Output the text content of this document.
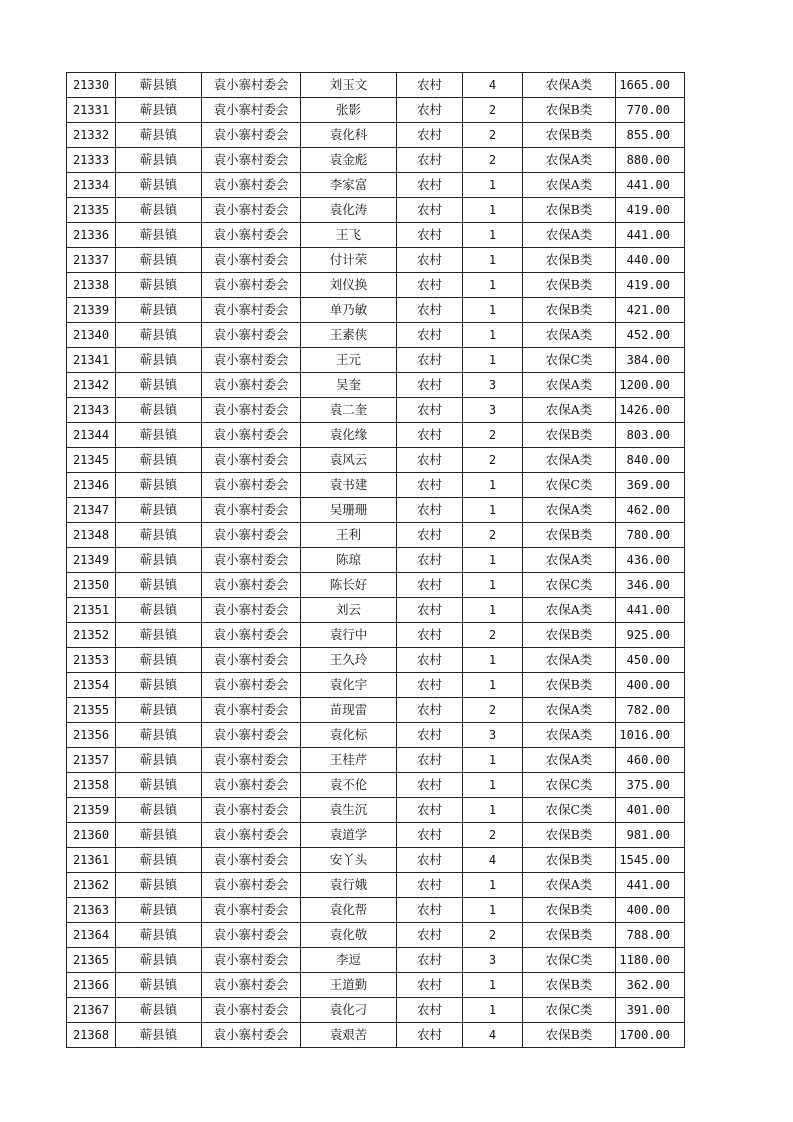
21330	蕲县镇	袁小寨村委会	刘玉文	农村	4	农保A类	1665.00
21331	蕲县镇	袁小寨村委会	张影	农村	2	农保B类	770.00
21332	蕲县镇	袁小寨村委会	袁化科	农村	2	农保B类	855.00
21333	蕲县镇	袁小寨村委会	袁金彪	农村	2	农保A类	880.00
21334	蕲县镇	袁小寨村委会	李家富	农村	1	农保A类	441.00
21335	蕲县镇	袁小寨村委会	袁化涛	农村	1	农保B类	419.00
21336	蕲县镇	袁小寨村委会	王飞	农村	1	农保A类	441.00
21337	蕲县镇	袁小寨村委会	付计荣	农村	1	农保B类	440.00
21338	蕲县镇	袁小寨村委会	刘仪换	农村	1	农保B类	419.00
21339	蕲县镇	袁小寨村委会	单乃敏	农村	1	农保B类	421.00
21340	蕲县镇	袁小寨村委会	王素侠	农村	1	农保A类	452.00
21341	蕲县镇	袁小寨村委会	王元	农村	1	农保C类	384.00
21342	蕲县镇	袁小寨村委会	吴奎	农村	3	农保A类	1200.00
21343	蕲县镇	袁小寨村委会	袁二奎	农村	3	农保A类	1426.00
21344	蕲县镇	袁小寨村委会	袁化缘	农村	2	农保B类	803.00
21345	蕲县镇	袁小寨村委会	袁风云	农村	2	农保A类	840.00
21346	蕲县镇	袁小寨村委会	袁书建	农村	1	农保C类	369.00
21347	蕲县镇	袁小寨村委会	吴珊珊	农村	1	农保A类	462.00
21348	蕲县镇	袁小寨村委会	王利	农村	2	农保B类	780.00
21349	蕲县镇	袁小寨村委会	陈琼	农村	1	农保A类	436.00
21350	蕲县镇	袁小寨村委会	陈长好	农村	1	农保C类	346.00
21351	蕲县镇	袁小寨村委会	刘云	农村	1	农保A类	441.00
21352	蕲县镇	袁小寨村委会	袁行中	农村	2	农保B类	925.00
21353	蕲县镇	袁小寨村委会	王久玲	农村	1	农保A类	450.00
21354	蕲县镇	袁小寨村委会	袁化宇	农村	1	农保B类	400.00
21355	蕲县镇	袁小寨村委会	苗现雷	农村	2	农保A类	782.00
21356	蕲县镇	袁小寨村委会	袁化标	农村	3	农保A类	1016.00
21357	蕲县镇	袁小寨村委会	王桂芹	农村	1	农保A类	460.00
21358	蕲县镇	袁小寨村委会	袁不伦	农村	1	农保C类	375.00
21359	蕲县镇	袁小寨村委会	袁生沉	农村	1	农保C类	401.00
21360	蕲县镇	袁小寨村委会	袁道学	农村	2	农保B类	981.00
21361	蕲县镇	袁小寨村委会	安丫头	农村	4	农保B类	1545.00
21362	蕲县镇	袁小寨村委会	袁行娥	农村	1	农保A类	441.00
21363	蕲县镇	袁小寨村委会	袁化帮	农村	1	农保B类	400.00
21364	蕲县镇	袁小寨村委会	袁化敬	农村	2	农保B类	788.00
21365	蕲县镇	袁小寨村委会	李逗	农村	3	农保C类	1180.00
21366	蕲县镇	袁小寨村委会	王道勤	农村	1	农保B类	362.00
21367	蕲县镇	袁小寨村委会	袁化刁	农村	1	农保C类	391.00
21368	蕲县镇	袁小寨村委会	袁艰苦	农村	4	农保B类	1700.00
